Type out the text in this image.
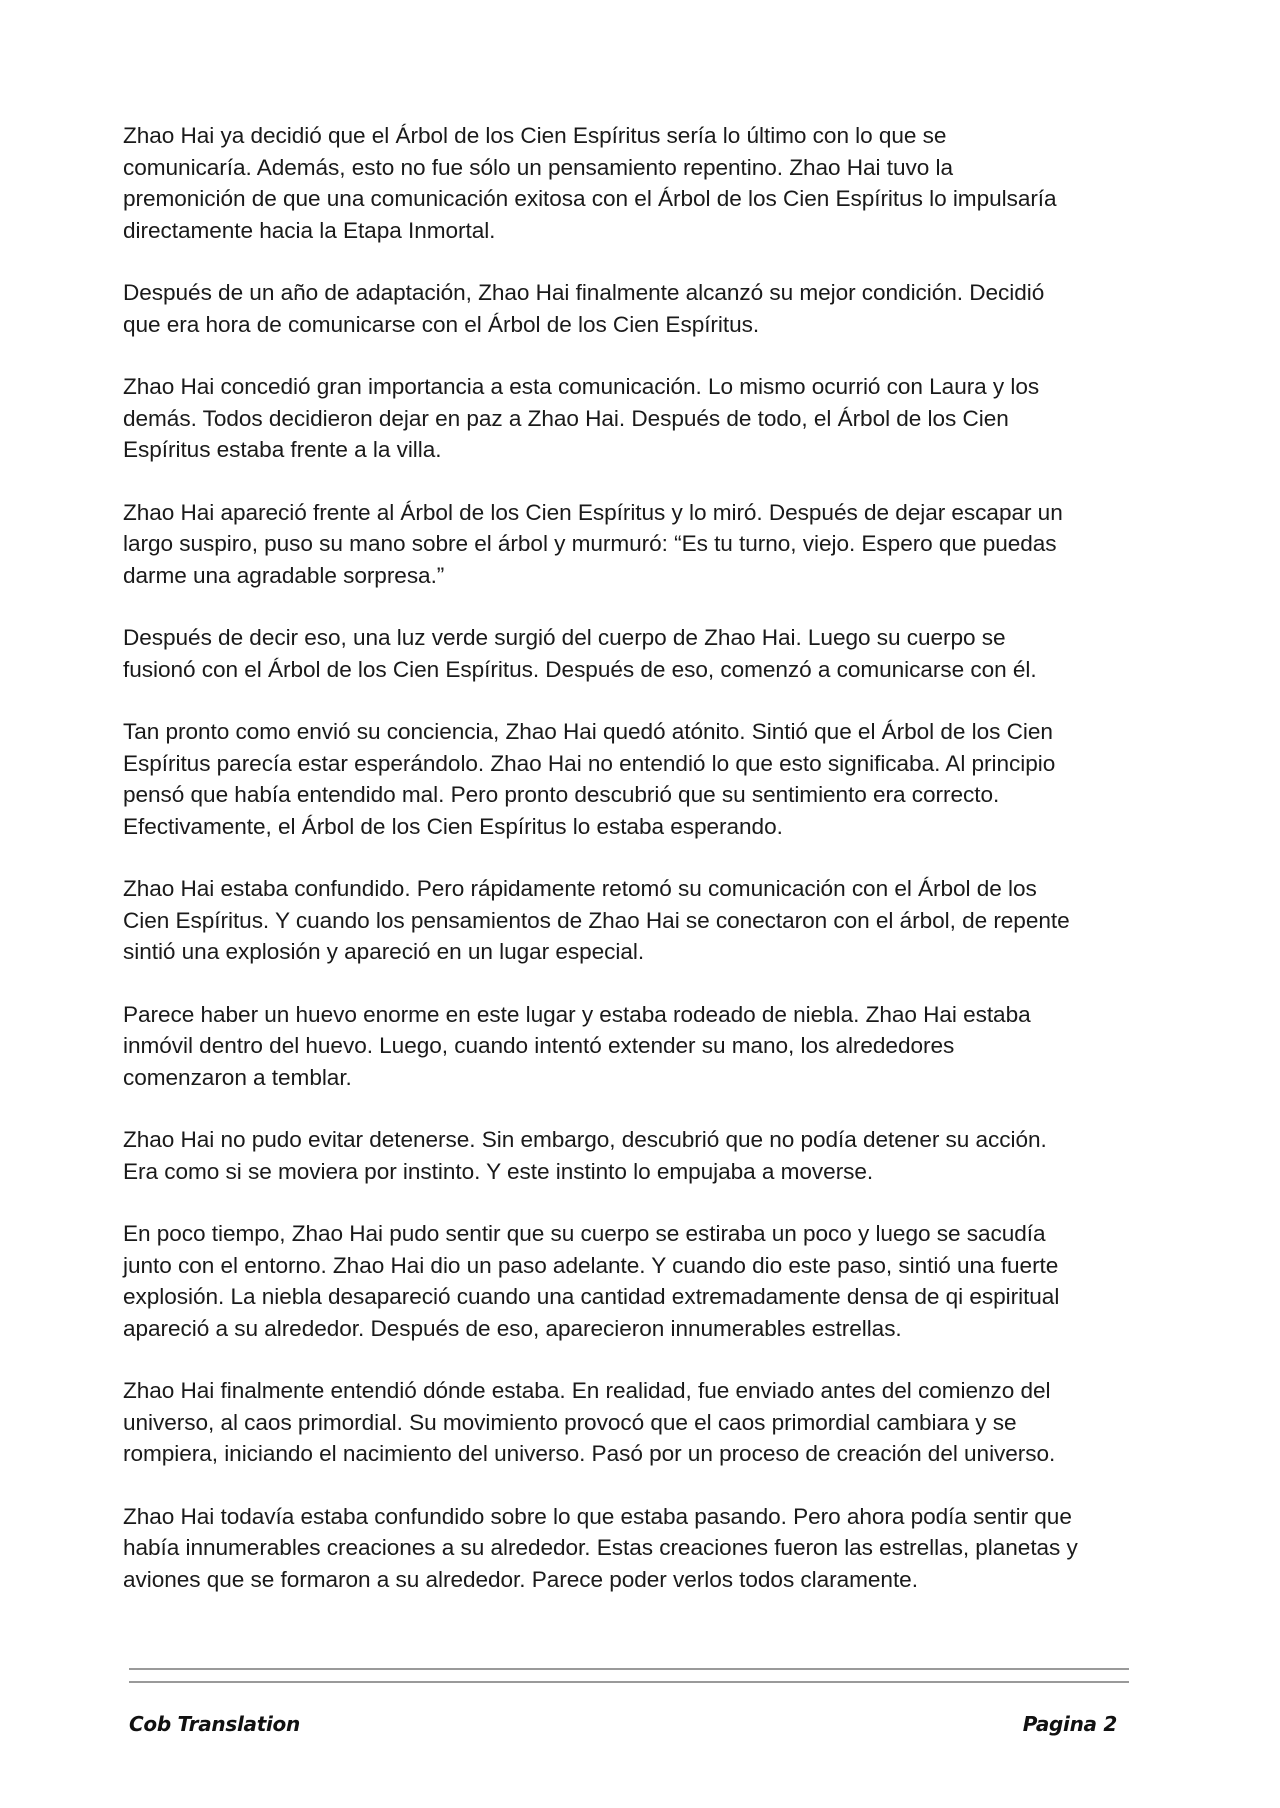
Zhao Hai ya decidió que el Árbol de los Cien Espíritus sería lo último con lo que se
comunicaría. Además, esto no fue sólo un pensamiento repentino. Zhao Hai tuvo la
premonición de que una comunicación exitosa con el Árbol de los Cien Espíritus lo impulsaría
directamente hacia la Etapa Inmortal.

Después de un año de adaptación, Zhao Hai finalmente alcanzó su mejor condición. Decidió
que era hora de comunicarse con el Árbol de los Cien Espíritus.

Zhao Hai concedió gran importancia a esta comunicación. Lo mismo ocurrió con Laura y los
demás. Todos decidieron dejar en paz a Zhao Hai. Después de todo, el Árbol de los Cien
Espíritus estaba frente a la villa.

Zhao Hai apareció frente al Árbol de los Cien Espíritus y lo miró. Después de dejar escapar un
largo suspiro, puso su mano sobre el árbol y murmuró: “Es tu turno, viejo. Espero que puedas
darme una agradable sorpresa.”

Después de decir eso, una luz verde surgió del cuerpo de Zhao Hai. Luego su cuerpo se
fusionó con el Árbol de los Cien Espíritus. Después de eso, comenzó a comunicarse con él.

Tan pronto como envió su conciencia, Zhao Hai quedó atónito. Sintió que el Árbol de los Cien
Espíritus parecía estar esperándolo. Zhao Hai no entendió lo que esto significaba. Al principio
pensó que había entendido mal. Pero pronto descubrió que su sentimiento era correcto.
Efectivamente, el Árbol de los Cien Espíritus lo estaba esperando.

Zhao Hai estaba confundido. Pero rápidamente retomó su comunicación con el Árbol de los
Cien Espíritus. Y cuando los pensamientos de Zhao Hai se conectaron con el árbol, de repente
sintió una explosión y apareció en un lugar especial.

Parece haber un huevo enorme en este lugar y estaba rodeado de niebla. Zhao Hai estaba
inmóvil dentro del huevo. Luego, cuando intentó extender su mano, los alrededores
comenzaron a temblar.

Zhao Hai no pudo evitar detenerse. Sin embargo, descubrió que no podía detener su acción.
Era como si se moviera por instinto. Y este instinto lo empujaba a moverse.

En poco tiempo, Zhao Hai pudo sentir que su cuerpo se estiraba un poco y luego se sacudía
junto con el entorno. Zhao Hai dio un paso adelante. Y cuando dio este paso, sintió una fuerte
explosión. La niebla desapareció cuando una cantidad extremadamente densa de qi espiritual
apareció a su alrededor. Después de eso, aparecieron innumerables estrellas.

Zhao Hai finalmente entendió dónde estaba. En realidad, fue enviado antes del comienzo del
universo, al caos primordial. Su movimiento provocó que el caos primordial cambiara y se
rompiera, iniciando el nacimiento del universo. Pasó por un proceso de creación del universo.

Zhao Hai todavía estaba confundido sobre lo que estaba pasando. Pero ahora podía sentir que
había innumerables creaciones a su alrededor. Estas creaciones fueron las estrellas, planetas y
aviones que se formaron a su alrededor. Parece poder verlos todos claramente.

Cob Translation	Pagina 2
